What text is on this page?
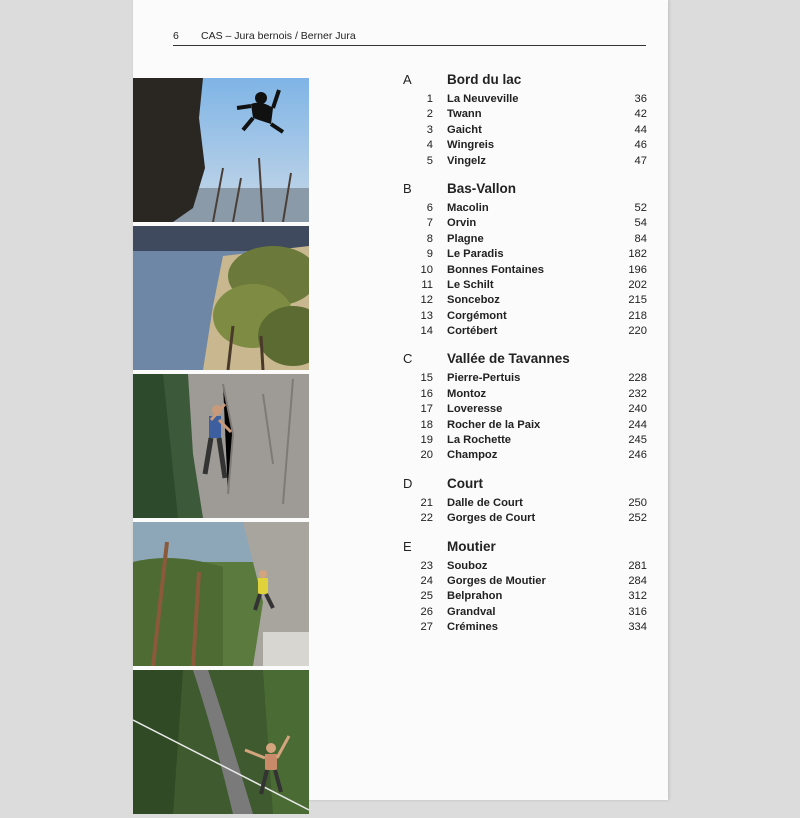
6 CAS – Jura bernois / Berner Jura
A	Bord du lac
1	La Neuveville	36
2	Twann	42
3	Gaicht	44
4	Wingreis	46
5	Vingelz	47
B	Bas-Vallon
6	Macolin	52
7	Orvin	54
8	Plagne	84
9	Le Paradis	182
10	Bonnes Fontaines	196
11	Le Schilt	202
12	Sonceboz	215
13	Corgémont	218
14	Cortébert	220
C	Vallée de Tavannes
15	Pierre-Pertuis	228
16	Montoz	232
17	Loveresse	240
18	Rocher de la Paix	244
19	La Rochette	245
20	Champoz	246
D	Court
21	Dalle de Court	250
22	Gorges de Court	252
E	Moutier
23	Souboz	281
24	Gorges de Moutier	284
25	Belprahon	312
26	Grandval	316
27	Crémines	334
